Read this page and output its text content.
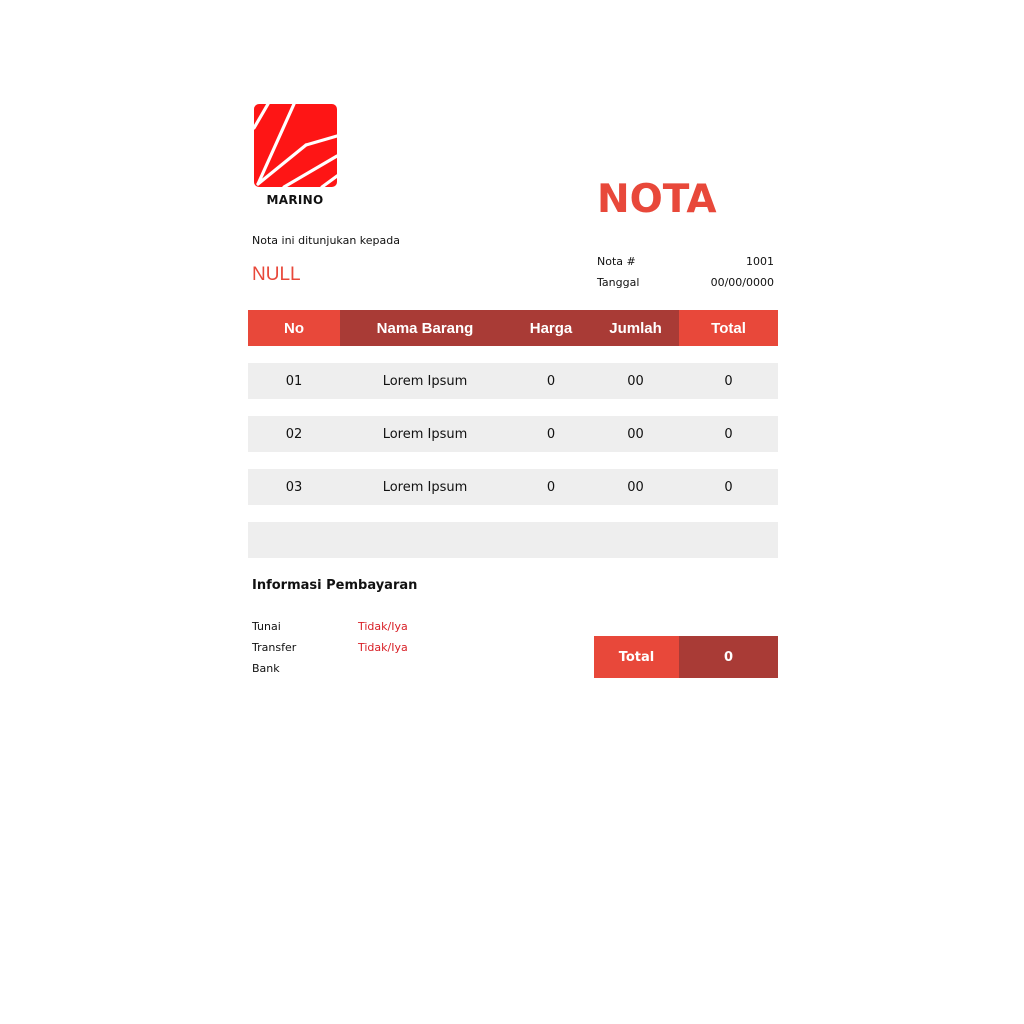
MARINO	NOTA
Nota ini ditunjukan kepada
NULL
Nota #	1001
Tanggal	00/00/0000
No	Nama Barang	Harga	Jumlah	Total
01	Lorem Ipsum	0	00	0
02	Lorem Ipsum	0	00	0
03	Lorem Ipsum	0	00	0
Informasi Pembayaran
Tunai	Tidak/Iya
Transfer	Tidak/Iya
Bank
Total	0
